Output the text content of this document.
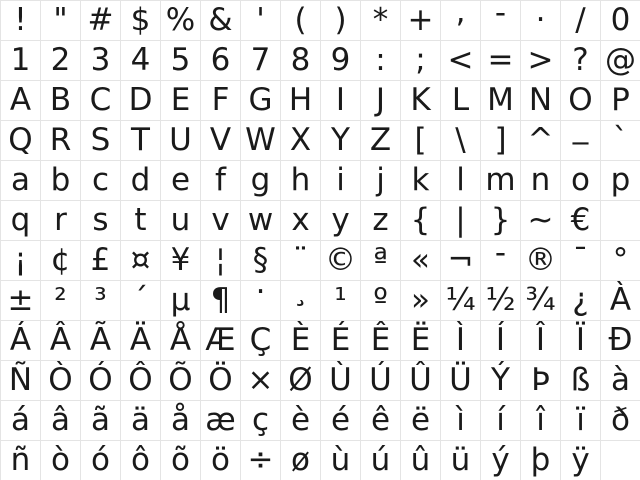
! " # $ % & ' ( ) * + , - . / 0
1 2 3 4 5 6 7 8 9 : ; < = > ? @
A B C D E F G H I J K L M N O P
Q R S T U V W X Y Z [ \ ] ^ _ `
a b c d e f g h i	j k l m n o p
q r s t u v w x y z { | } ~ €
¡ ¢ £ ¤ ¥ ¦ § ¨ © ª « ¬ - ® ¯ °
± ² ³ ´ µ ¶ · ¸ ¹ º » ¼ ½ ¾ ¿ À
Á Â Ã Ä Å Æ Ç È É Ê Ë Ì Í Î Ï Ð
Ñ Ò Ó Ô Õ Ö × Ø Ù Ú Û Ü Ý Þ ß à
á â ã ä å æ ç è é ê ë ì	í	î	ï ð
ñ ò ó ô õ ö ÷ ø ù ú û ü ý þ ÿ
